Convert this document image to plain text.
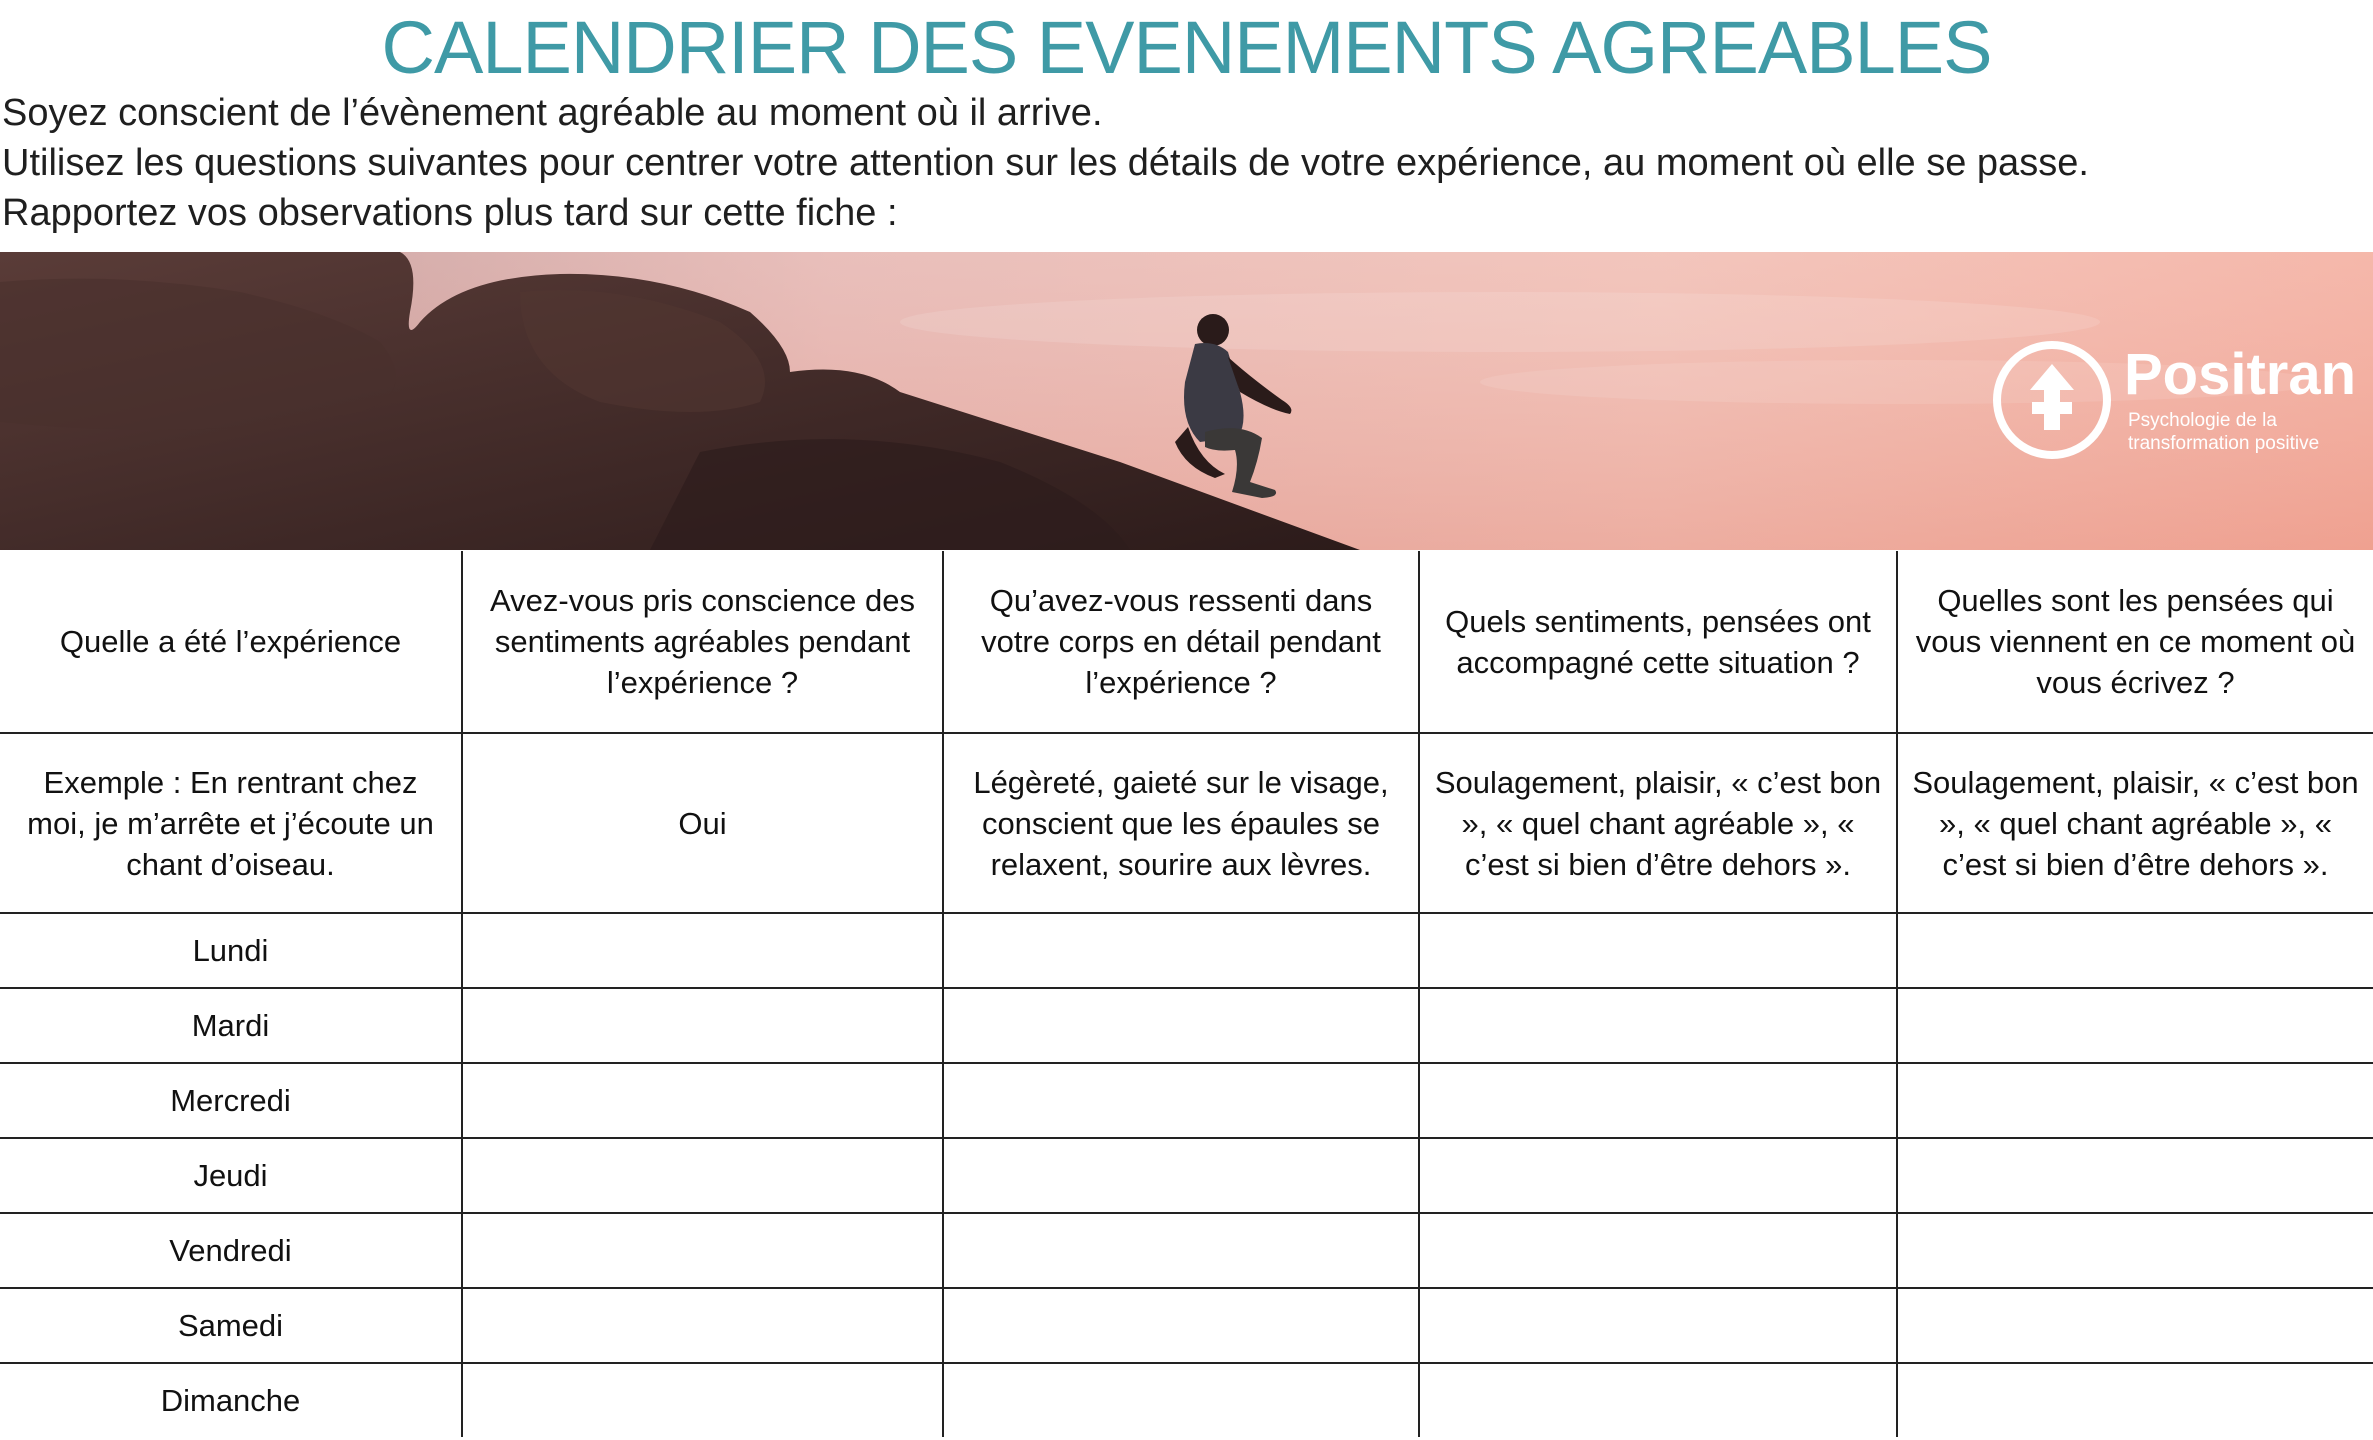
CALENDRIER DES EVENEMENTS AGREABLES
Soyez conscient de l’évènement agréable au moment où il arrive.
Utilisez les questions suivantes pour centrer votre attention sur les détails de votre expérience, au moment où elle se passe.
Rapportez vos observations plus tard sur cette fiche :
Positran
Psychologie de la
transformation positive
Quelle a été l’expérience	Avez-vous pris conscience des sentiments agréables pendant l’expérience ?	Qu’avez-vous ressenti dans votre corps en détail pendant l’expérience ?	Quels sentiments, pensées ont accompagné cette situation ?	Quelles sont les pensées qui vous viennent en ce moment où vous écrivez ?
Exemple : En rentrant chez moi, je m’arrête et j’écoute un chant d’oiseau.	Oui	Légèreté, gaieté sur le visage, conscient que les épaules se relaxent, sourire aux lèvres.	Soulagement, plaisir, « c’est bon », « quel chant agréable », « c’est si bien d’être dehors ».	Soulagement, plaisir, « c’est bon », « quel chant agréable », « c’est si bien d’être dehors ».
Lundi				
Mardi				
Mercredi				
Jeudi				
Vendredi				
Samedi				
Dimanche				
